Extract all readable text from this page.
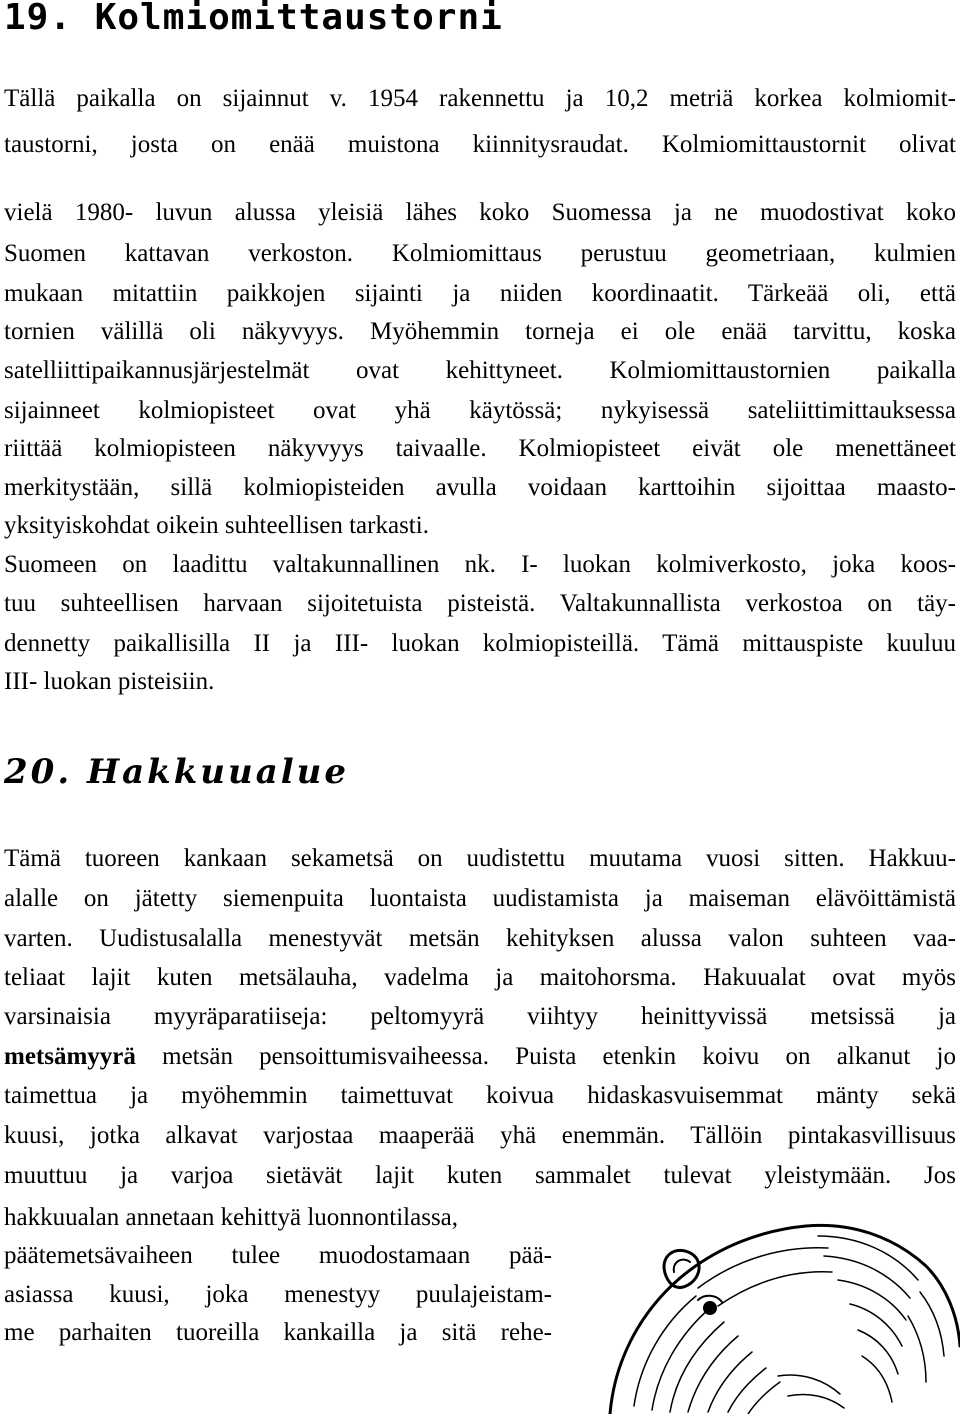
19. Kolmiomittaustorni
Tällä paikalla on sijainnut v. 1954 rakennettu ja 10,2 metriä korkea kolmiomit-
taustorni, josta on enää muistona kiinnitysraudat. Kolmiomittaustornit olivat
vielä 1980- luvun alussa yleisiä lähes koko Suomessa ja ne muodostivat koko
Suomen kattavan verkoston. Kolmiomittaus perustuu geometriaan, kulmien
mukaan mitattiin paikkojen sijainti ja niiden koordinaatit. Tärkeää oli, että
tornien välillä oli näkyvyys. Myöhemmin torneja ei ole enää tarvittu, koska
satelliittipaikannusjärjestelmät ovat kehittyneet. Kolmiomittaustornien paikalla
sijainneet kolmiopisteet ovat yhä käytössä; nykyisessä sateliittimittauksessa
riittää kolmiopisteen näkyvyys taivaalle. Kolmiopisteet eivät ole menettäneet
merkitystään, sillä kolmiopisteiden avulla voidaan karttoihin sijoittaa maasto-
yksityiskohdat oikein suhteellisen tarkasti.
Suomeen on laadittu valtakunnallinen nk. I- luokan kolmiverkosto, joka koos-
tuu suhteellisen harvaan sijoitetuista pisteistä. Valtakunnallista verkostoa on täy-
dennetty paikallisilla II ja III- luokan kolmiopisteillä. Tämä mittauspiste kuuluu
III- luokan pisteisiin.
20. Hakkuualue
Tämä tuoreen kankaan sekametsä on uudistettu muutama vuosi sitten. Hakkuu-
alalle on jätetty siemenpuita luontaista uudistamista ja maiseman elävöittämistä
varten. Uudistusalalla menestyvät metsän kehityksen alussa valon suhteen vaa-
teliaat lajit kuten metsälauha, vadelma ja maitohorsma. Hakuualat ovat myös
varsinaisia myyräparatiiseja: peltomyyrä viihtyy heinittyvissä metsissä ja
metsämyyrä metsän pensoittumisvaiheessa. Puista etenkin koivu on alkanut jo
taimettua ja myöhemmin taimettuvat koivua hidaskasvuisemmat mänty sekä
kuusi, jotka alkavat varjostaa maaperää yhä enemmän. Tällöin pintakasvillisuus
muuttuu ja varjoa sietävät lajit kuten sammalet tulevat yleistymään. Jos
hakkuualan annetaan kehittyä luonnontilassa,
päätemetsävaiheen tulee muodostamaan pää-
asiassa kuusi, joka menestyy puulajeistam-
me parhaiten tuoreilla kankailla ja sitä rehe-
